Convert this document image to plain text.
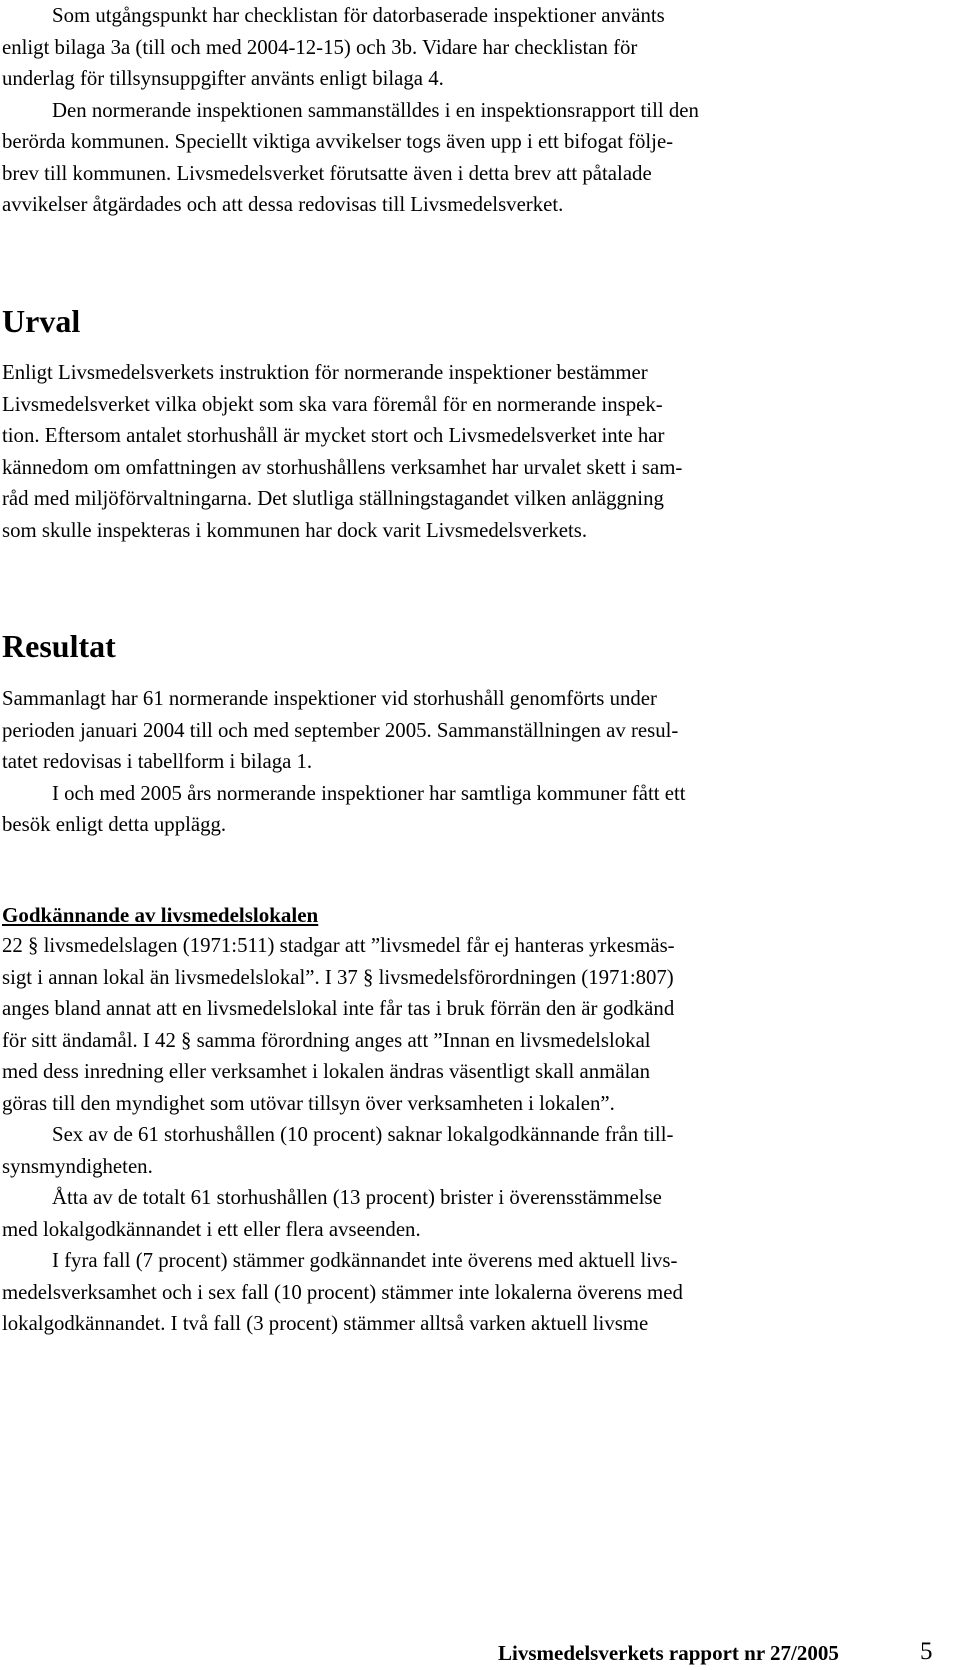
Som utgångspunkt har checklistan för datorbaserade inspektioner använts
enligt bilaga 3a (till och med 2004-12-15) och 3b. Vidare har checklistan för
underlag för tillsynsuppgifter använts enligt bilaga 4.
Den normerande inspektionen sammanställdes i en inspektionsrapport till den
berörda kommunen. Speciellt viktiga avvikelser togs även upp i ett bifogat följe-
brev till kommunen. Livsmedelsverket förutsatte även i detta brev att påtalade
avvikelser åtgärdades och att dessa redovisas till Livsmedelsverket.
Urval
Enligt Livsmedelsverkets instruktion för normerande inspektioner bestämmer
Livsmedelsverket vilka objekt som ska vara föremål för en normerande inspek-
tion. Eftersom antalet storhushåll är mycket stort och Livsmedelsverket inte har
kännedom om omfattningen av storhushållens verksamhet har urvalet skett i sam-
råd med miljöförvaltningarna. Det slutliga ställningstagandet vilken anläggning
som skulle inspekteras i kommunen har dock varit Livsmedelsverkets.
Resultat
Sammanlagt har 61 normerande inspektioner vid storhushåll genomförts under
perioden januari 2004 till och med september 2005. Sammanställningen av resul-
tatet redovisas i tabellform i bilaga 1.
I och med 2005 års normerande inspektioner har samtliga kommuner fått ett
besök enligt detta upplägg.
Godkännande av livsmedelslokalen
22 § livsmedelslagen (1971:511) stadgar att ”livsmedel får ej hanteras yrkesmäs-
sigt i annan lokal än livsmedelslokal”. I 37 § livsmedelsförordningen (1971:807)
anges bland annat att en livsmedelslokal inte får tas i bruk förrän den är godkänd
för sitt ändamål. I 42 § samma förordning anges att ”Innan en livsmedelslokal
med dess inredning eller verksamhet i lokalen ändras väsentligt skall anmälan
göras till den myndighet som utövar tillsyn över verksamheten i lokalen”.
Sex av de 61 storhushållen (10 procent) saknar lokalgodkännande från till-
synsmyndigheten.
Åtta av de totalt 61 storhushållen (13 procent) brister i överensstämmelse
med lokalgodkännandet i ett eller flera avseenden.
I fyra fall (7 procent) stämmer godkännandet inte överens med aktuell livs-
medelsverksamhet och i sex fall (10 procent) stämmer inte lokalerna överens med
lokalgodkännandet. I två fall (3 procent) stämmer alltså varken aktuell livsme
Livsmedelsverkets rapport nr 27/2005	5
